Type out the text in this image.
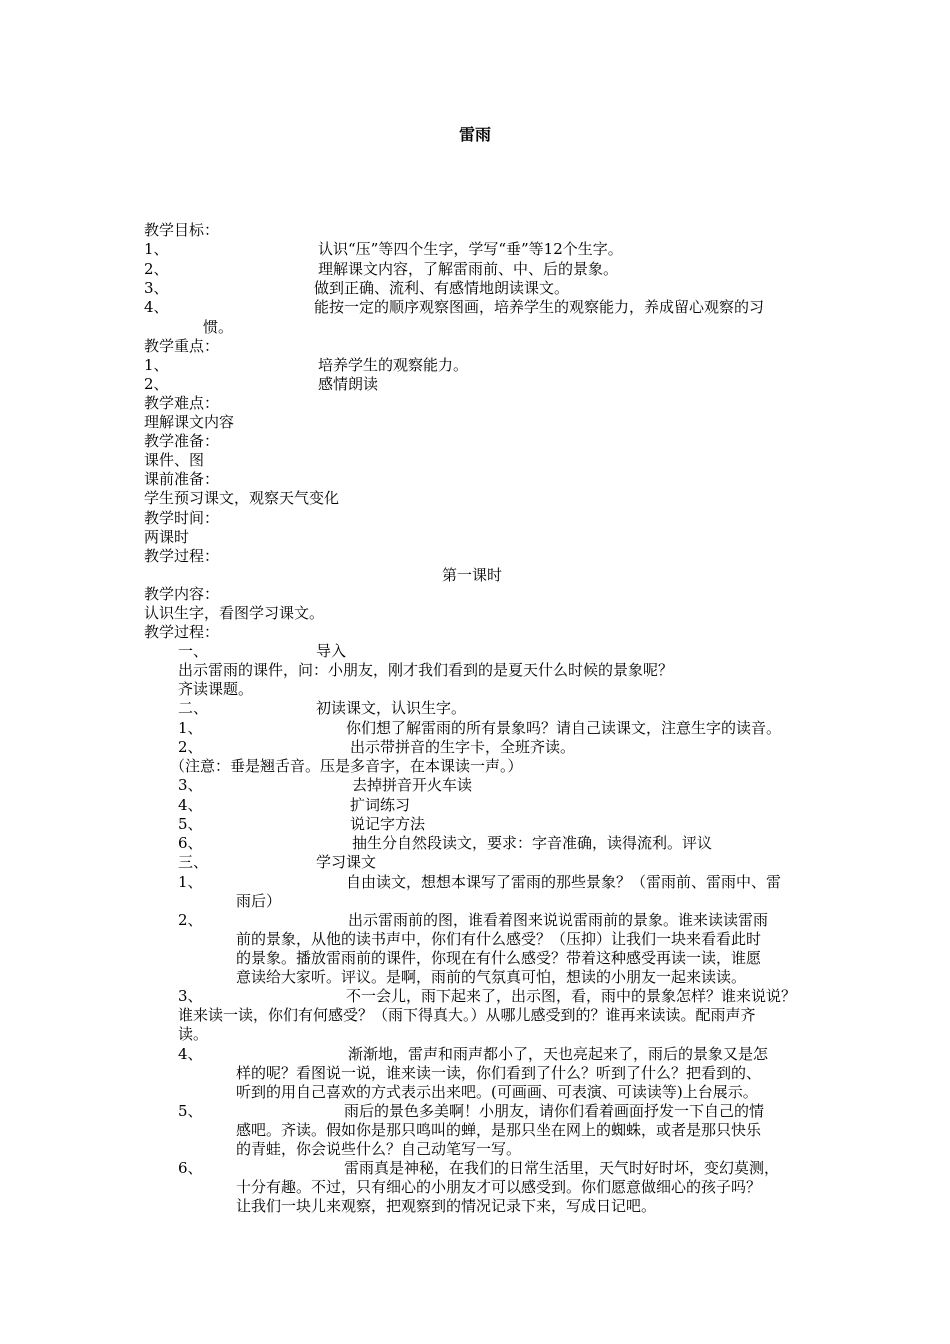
雷雨
教学目标：
1、	认识“压”等四个生字，学写“垂”等12个生字。
2、	理解课文内容，了解雷雨前、中、后的景象。
3、	做到正确、流利、有感情地朗读课文。
4、	能按一定的顺序观察图画，培养学生的观察能力，养成留心观察的习
惯。
教学重点：
1、	培养学生的观察能力。
2、	感情朗读
教学难点：
理解课文内容
教学准备：
课件、图
课前准备：
学生预习课文，观察天气变化
教学时间：
两课时
教学过程：
第一课时
教学内容：
认识生字，看图学习课文。
教学过程：
一、	导入
出示雷雨的课件，问：小朋友，刚才我们看到的是夏天什么时候的景象呢？
齐读课题。
二、	初读课文，认识生字。
1、	你们想了解雷雨的所有景象吗？请自己读课文，注意生字的读音。
2、	出示带拼音的生字卡，全班齐读。
（注意：垂是翘舌音。压是多音字，在本课读一声。）
3、	去掉拼音开火车读
4、	扩词练习
5、	说记字方法
6、	抽生分自然段读文，要求：字音准确，读得流利。评议
三、	学习课文
1、	自由读文，想想本课写了雷雨的那些景象？（雷雨前、雷雨中、雷
雨后）
2、	出示雷雨前的图，谁看着图来说说雷雨前的景象。谁来读读雷雨
前的景象，从他的读书声中，你们有什么感受？（压抑）让我们一块来看看此时
的景象。播放雷雨前的课件，你现在有什么感受？带着这种感受再读一读，谁愿
意读给大家听。评议。是啊，雨前的气氛真可怕，想读的小朋友一起来读读。
3、	不一会儿，雨下起来了，出示图，看，雨中的景象怎样？谁来说说？
谁来读一读，你们有何感受？（雨下得真大。）从哪儿感受到的？谁再来读读。配雨声齐
读。
4、	渐渐地，雷声和雨声都小了，天也亮起来了，雨后的景象又是怎
样的呢？看图说一说，谁来读一读，你们看到了什么？听到了什么？把看到的、
听到的用自己喜欢的方式表示出来吧。(可画画、可表演、可读读等)上台展示。
5、	雨后的景色多美啊！小朋友，请你们看着画面抒发一下自己的情
感吧。齐读。假如你是那只鸣叫的蝉，是那只坐在网上的蜘蛛，或者是那只快乐
的青蛙，你会说些什么？自己动笔写一写。
6、	雷雨真是神秘，在我们的日常生活里，天气时好时坏，变幻莫测，
十分有趣。不过，只有细心的小朋友才可以感受到。你们愿意做细心的孩子吗？
让我们一块儿来观察，把观察到的情况记录下来，写成日记吧。
